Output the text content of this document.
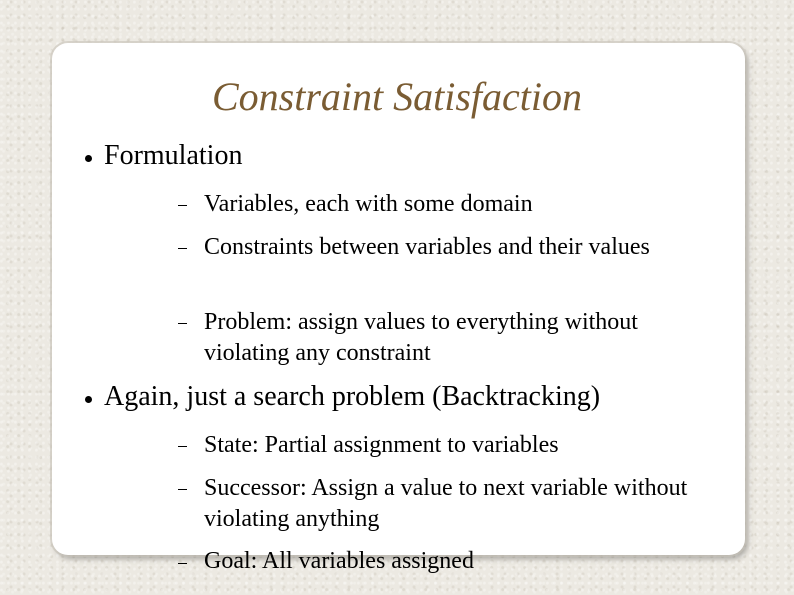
Constraint Satisfaction
Formulation
Variables, each with some domain
Constraints between variables and their values
Problem: assign values to everything without violating any constraint
Again, just a search problem (Backtracking)
State: Partial assignment to variables
Successor: Assign a value to next variable without violating anything
Goal: All variables assigned
